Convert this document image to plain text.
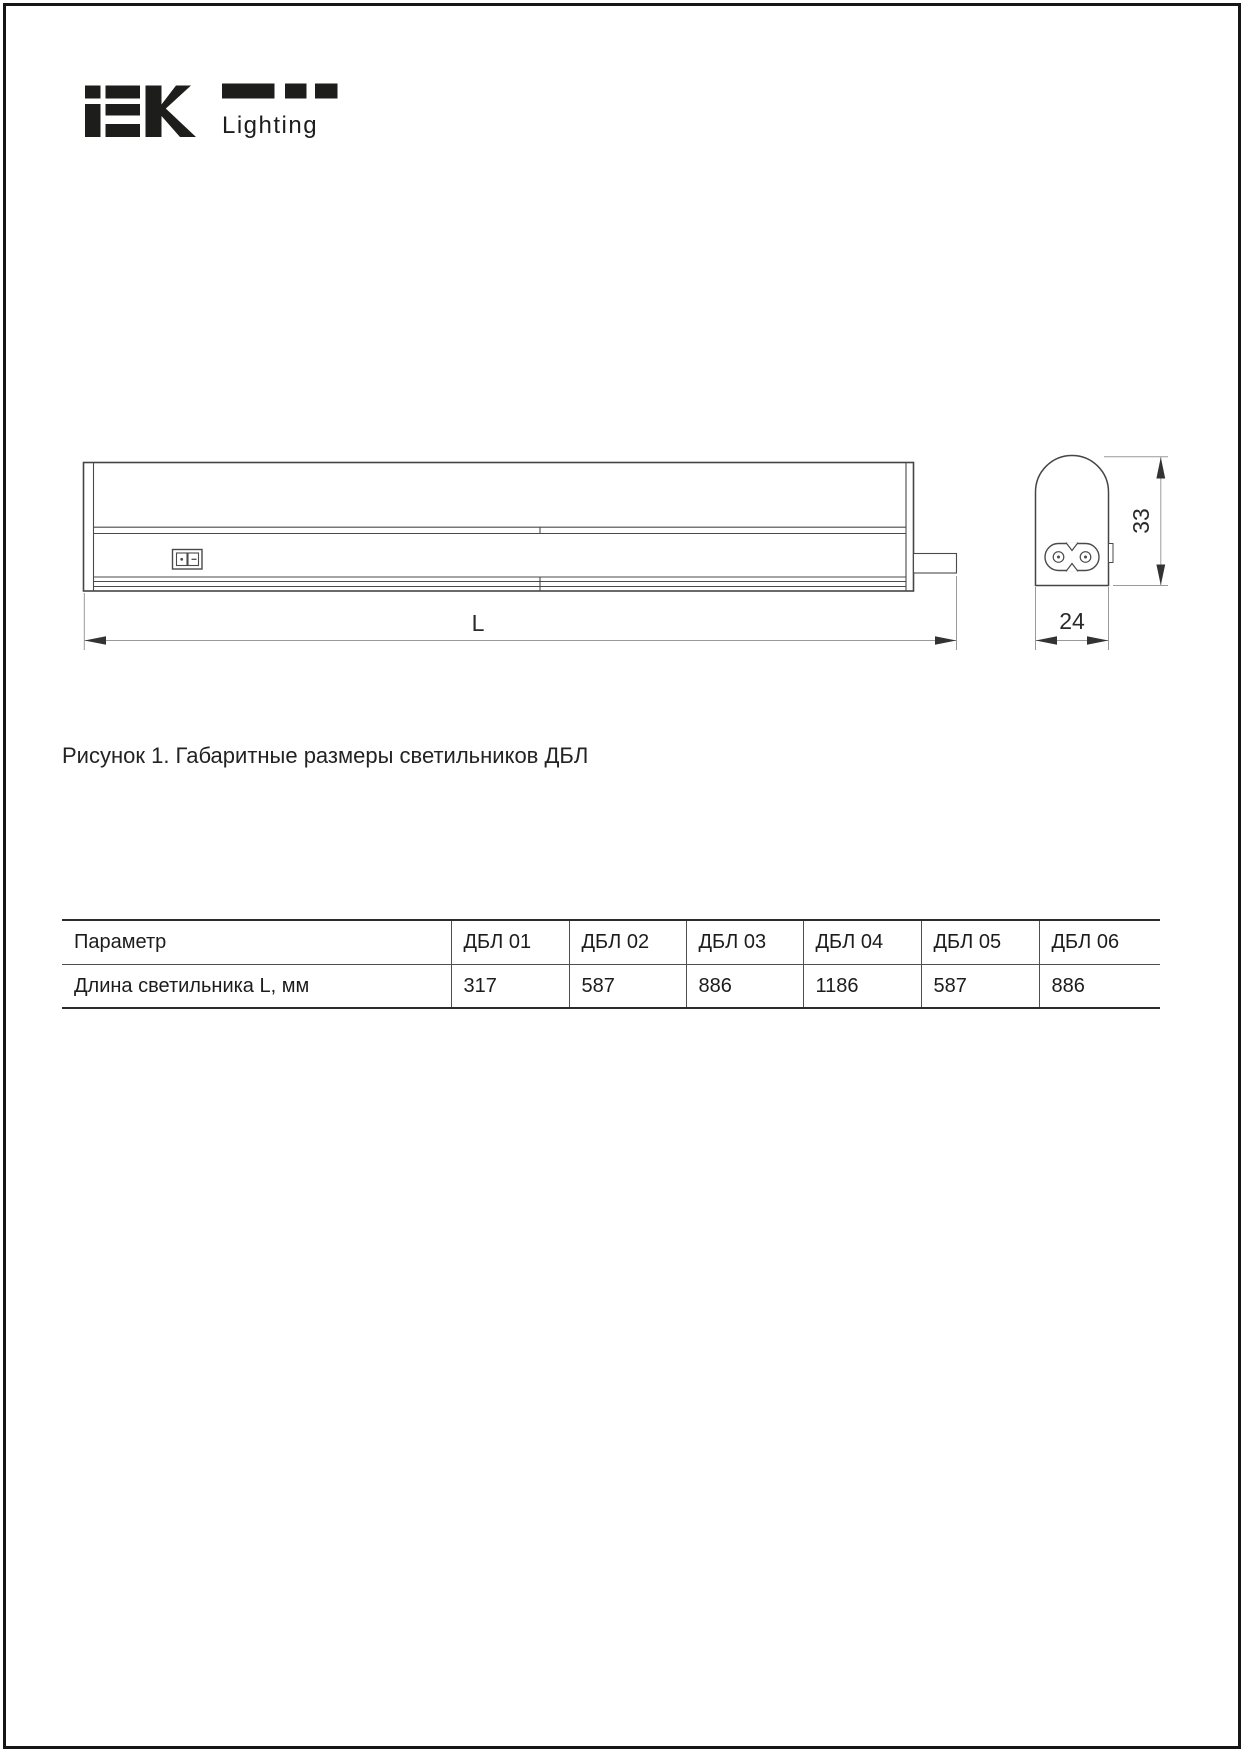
Lighting
L
33
24
Рисунок 1. Габаритные размеры светильников ДБЛ
Параметр	ДБЛ 01	ДБЛ 02	ДБЛ 03	ДБЛ 04	ДБЛ 05	ДБЛ 06
Длина светильника L, мм	317	587	886	1186	587	886
